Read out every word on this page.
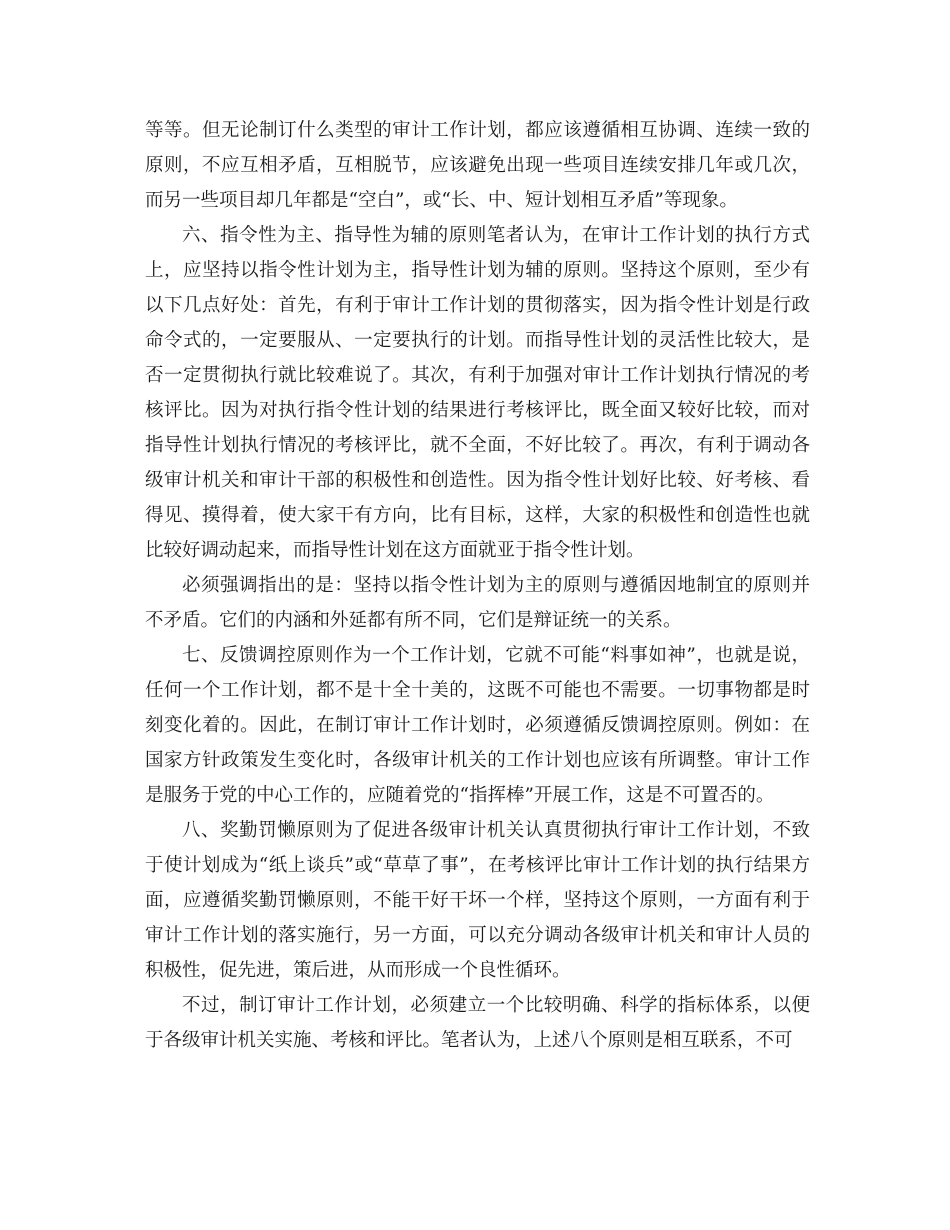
等等。但无论制订什么类型的审计工作计划，都应该遵循相互协调、连续一致的原则，不应互相矛盾，互相脱节，应该避免出现一些项目连续安排几年或几次，而另一些项目却几年都是“空白”，或“长、中、短计划相互矛盾”等现象。

六、指令性为主、指导性为辅的原则笔者认为，在审计工作计划的执行方式上，应坚持以指令性计划为主，指导性计划为辅的原则。坚持这个原则，至少有以下几点好处：首先，有利于审计工作计划的贯彻落实，因为指令性计划是行政命令式的，一定要服从、一定要执行的计划。而指导性计划的灵活性比较大，是否一定贯彻执行就比较难说了。其次，有利于加强对审计工作计划执行情况的考核评比。因为对执行指令性计划的结果进行考核评比，既全面又较好比较，而对指导性计划执行情况的考核评比，就不全面，不好比较了。再次，有利于调动各级审计机关和审计干部的积极性和创造性。因为指令性计划好比较、好考核、看得见、摸得着，使大家干有方向，比有目标，这样，大家的积极性和创造性也就比较好调动起来，而指导性计划在这方面就亚于指令性计划。

必须强调指出的是：坚持以指令性计划为主的原则与遵循因地制宜的原则并不矛盾。它们的内涵和外延都有所不同，它们是辩证统一的关系。

七、反馈调控原则作为一个工作计划，它就不可能“料事如神”，也就是说，任何一个工作计划，都不是十全十美的，这既不可能也不需要。一切事物都是时刻变化着的。因此，在制订审计工作计划时，必须遵循反馈调控原则。例如：在国家方针政策发生变化时，各级审计机关的工作计划也应该有所调整。审计工作是服务于党的中心工作的，应随着党的“指挥棒”开展工作，这是不可置否的。

八、奖勤罚懒原则为了促进各级审计机关认真贯彻执行审计工作计划，不致于使计划成为“纸上谈兵”或“草草了事”，在考核评比审计工作计划的执行结果方面，应遵循奖勤罚懒原则，不能干好干坏一个样，坚持这个原则，一方面有利于审计工作计划的落实施行，另一方面，可以充分调动各级审计机关和审计人员的积极性，促先进，策后进，从而形成一个良性循环。

不过，制订审计工作计划，必须建立一个比较明确、科学的指标体系，以便于各级审计机关实施、考核和评比。笔者认为，上述八个原则是相互联系，不可
